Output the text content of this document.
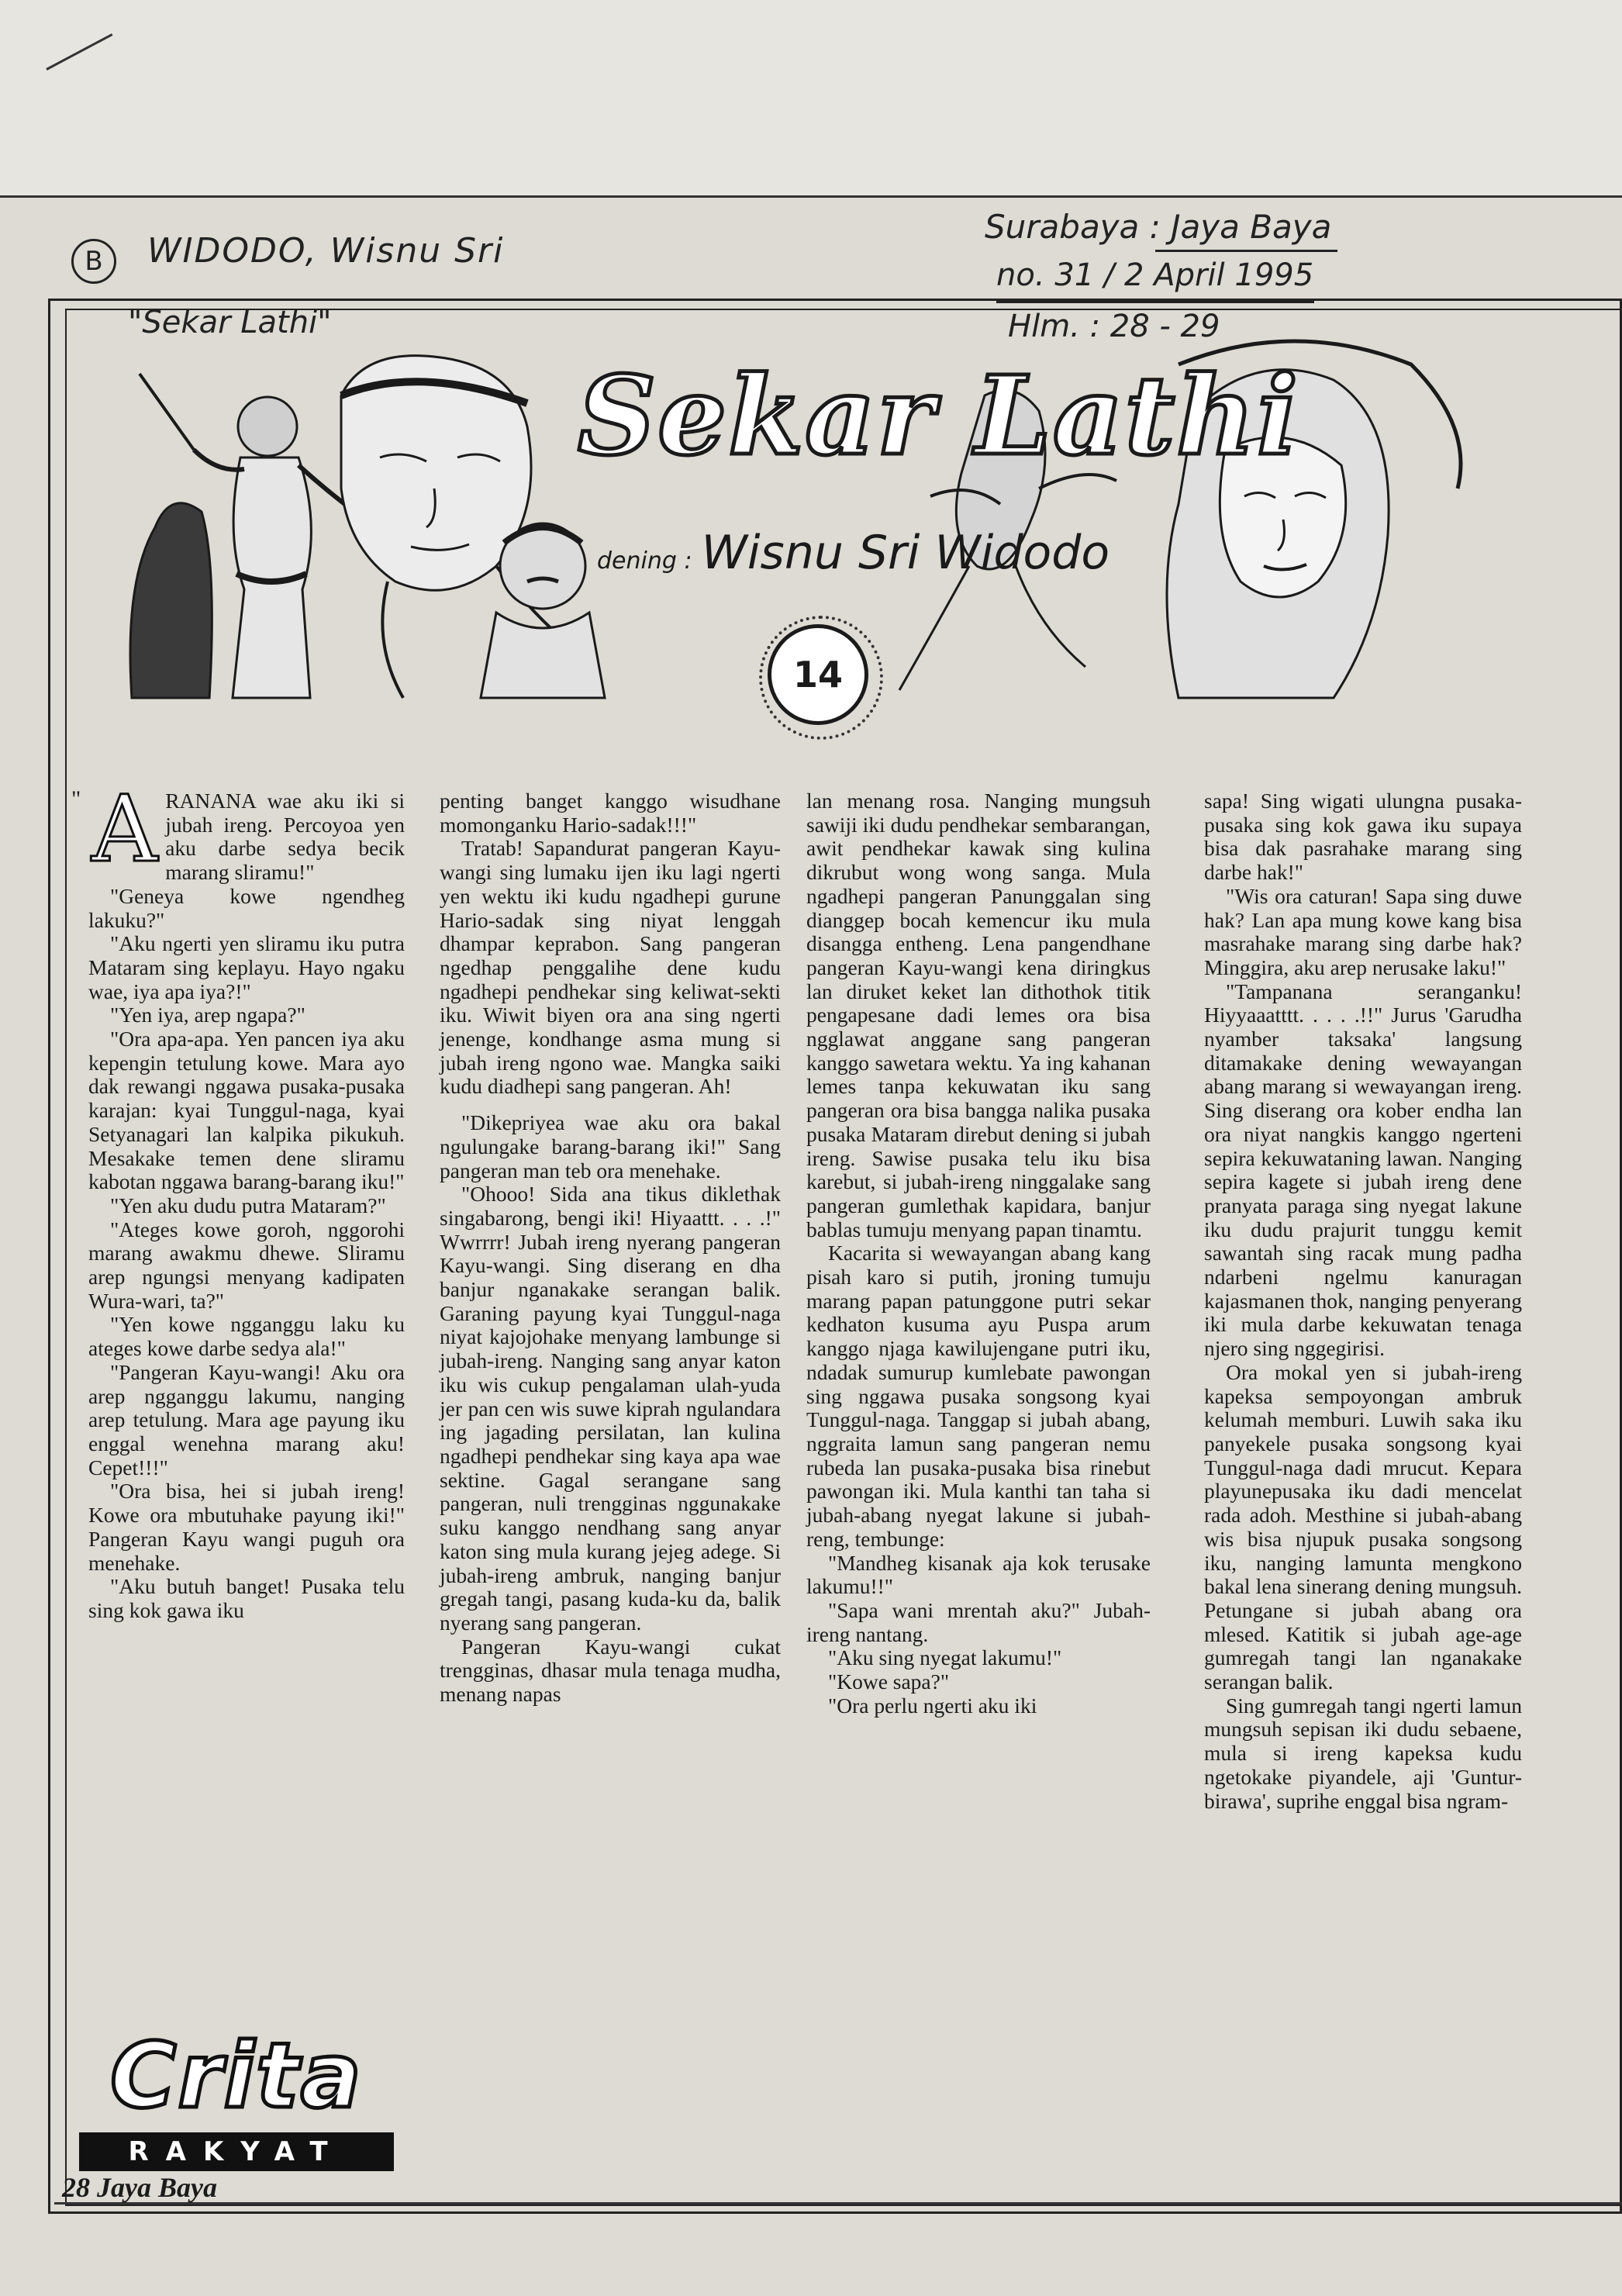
B	WIDODO, Wisnu Sri
Surabaya : Jaya Baya
no. 31 / 2 April 1995
Hlm. : 28 - 29
"Sekar Lathi"
Sekar Lathi
dening : Wisnu Sri Widodo
14

ARANANA wae aku iki si jubah ireng. Percoyoa yen aku darbe sedya becik marang sliramu!"

"Geneya kowe ngendheg lakuku?"

"Aku ngerti yen sliramu iku putra Mataram sing keplayu. Hayo ngaku wae, iya apa iya?!"

"Yen iya, arep ngapa?"

"Ora apa-apa. Yen pancen iya aku kepengin tetulung kowe. Mara ayo dak rewangi nggawa pusaka-pusaka karajan: kyai Tunggul-naga, kyai Setyanagari lan kalpika pikukuh. Mesakake temen dene sliramu kabotan nggawa barang-barang iku!"

"Yen aku dudu putra Mataram?"

"Ateges kowe goroh, nggorohi marang awakmu dhewe. Sliramu arep ngungsi menyang kadipaten Wura-wari, ta?"

"Yen kowe ngganggu laku ku ateges kowe darbe sedya ala!"

"Pangeran Kayu-wangi! Aku ora arep ngganggu lakumu, nanging arep tetulung. Mara age payung iku enggal wenehna marang aku! Cepet!!!"

"Ora bisa, hei si jubah ireng! Kowe ora mbutuhake payung iki!" Pangeran Kayu wangi puguh ora menehake.

"Aku butuh banget! Pusaka telu sing kok gawa iku

"	penting banget kanggo wisudhane momonganku Hario-sadak!!!"

Tratab! Sapandurat pangeran Kayu-wangi sing lumaku ijen iku lagi ngerti yen wektu iki kudu ngadhepi gurune Hario-sadak sing niyat lenggah dhampar keprabon. Sang pangeran ngedhap penggalihe dene kudu ngadhepi pendhekar sing keliwat-sekti iku. Wiwit biyen ora ana sing ngerti jenenge, kondhange asma mung si jubah ireng ngono wae. Mangka saiki kudu diadhepi sang pangeran. Ah!

"Dikepriyea wae aku ora bakal ngulungake barang-barang iki!" Sang pangeran man teb ora menehake.

"Ohooo! Sida ana tikus diklethak singabarong, bengi iki! Hiyaattt. . . .!" Wwrrrr! Jubah ireng nyerang pangeran Kayu-wangi. Sing diserang en dha banjur nganakake serangan balik. Garaning payung kyai Tunggul-naga niyat kajojohake menyang lambunge si jubah-ireng. Nanging sang anyar katon iku wis cukup pengalaman ulah-yuda jer pan cen wis suwe kiprah ngulandara ing jagading persilatan, lan kulina ngadhepi pendhekar sing kaya apa wae sektine. Gagal serangane sang pangeran, nuli trengginas nggunakake suku kanggo nendhang sang anyar katon sing mula kurang jejeg adege. Si jubah-ireng ambruk, nanging banjur gregah tangi, pasang kuda-ku da, balik nyerang sang pangeran.

Pangeran Kayu-wangi cukat trengginas, dhasar mula tenaga mudha, menang napas

lan menang rosa. Nanging mungsuh sawiji iki dudu pendhekar sembarangan, awit pendhekar kawak sing kulina dikrubut wong wong sanga. Mula ngadhepi pangeran Panunggalan sing dianggep bocah kemencur iku mula disangga entheng. Lena pangendhane pangeran Kayu-wangi kena diringkus lan diruket keket lan dithothok titik pengapesane dadi lemes ora bisa ngglawat anggane sang pangeran kanggo sawetara wektu. Ya ing kahanan lemes tanpa kekuwatan iku sang pangeran ora bisa bangga nalika pusaka pusaka Mataram direbut dening si jubah ireng. Sawise pusaka telu iku bisa karebut, si jubah-ireng ninggalake sang pangeran gumlethak kapidara, banjur bablas tumuju menyang papan tinamtu.

Kacarita si wewayangan abang kang pisah karo si putih, jroning tumuju marang papan patunggone putri sekar kedhaton kusuma ayu Puspa arum kanggo njaga kawilujengane putri iku, ndadak sumurup kumlebate pawongan sing nggawa pusaka songsong kyai Tunggul-naga. Tanggap si jubah abang, nggraita lamun sang pangeran nemu rubeda lan pusaka-pusaka bisa rinebut pawongan iki. Mula kanthi tan taha si jubah-abang nyegat lakune si jubah-reng, tembunge:

"Mandheg kisanak aja kok terusake lakumu!!"

"Sapa wani mrentah aku?" Jubah-ireng nantang.

"Aku sing nyegat lakumu!"

"Kowe sapa?"

"Ora perlu ngerti aku iki

sapa! Sing wigati ulungna pusaka-pusaka sing kok gawa iku supaya bisa dak pasrahake marang sing darbe hak!"

"Wis ora caturan! Sapa sing duwe hak? Lan apa mung kowe kang bisa masrahake marang sing darbe hak? Minggira, aku arep nerusake laku!"

"Tampanana seranganku! Hiyyaaatttt. . . . .!!" Jurus 'Garudha nyamber taksaka' langsung ditamakake dening wewayangan abang marang si wewayangan ireng. Sing diserang ora kober endha lan ora niyat nangkis kanggo ngerteni sepira kekuwataning lawan. Nanging sepira kagete si jubah ireng dene pranyata paraga sing nyegat lakune iku dudu prajurit tunggu kemit sawantah sing racak mung padha ndarbeni ngelmu kanuragan kajasmanen thok, nanging penyerang iki mula darbe kekuwatan tenaga njero sing nggegirisi.

Ora mokal yen si jubah-ireng kapeksa sempoyongan ambruk kelumah memburi. Luwih saka iku panyekele pusaka songsong kyai Tunggul-naga dadi mrucut. Kepara playunepusaka iku dadi mencelat rada adoh. Mesthine si jubah-abang wis bisa njupuk pusaka songsong iku, nanging lamunta mengkono bakal lena sinerang dening mungsuh. Petungane si jubah abang ora mlesed. Katitik si jubah age-age gumregah tangi lan nganakake serangan balik.

Sing gumregah tangi ngerti lamun mungsuh sepisan iki dudu sebaene, mula si ireng kapeksa kudu ngetokake piyandele, aji 'Guntur-birawa', suprihe enggal bisa ngram-

Crita
RAKYAT
28 Jaya Baya
